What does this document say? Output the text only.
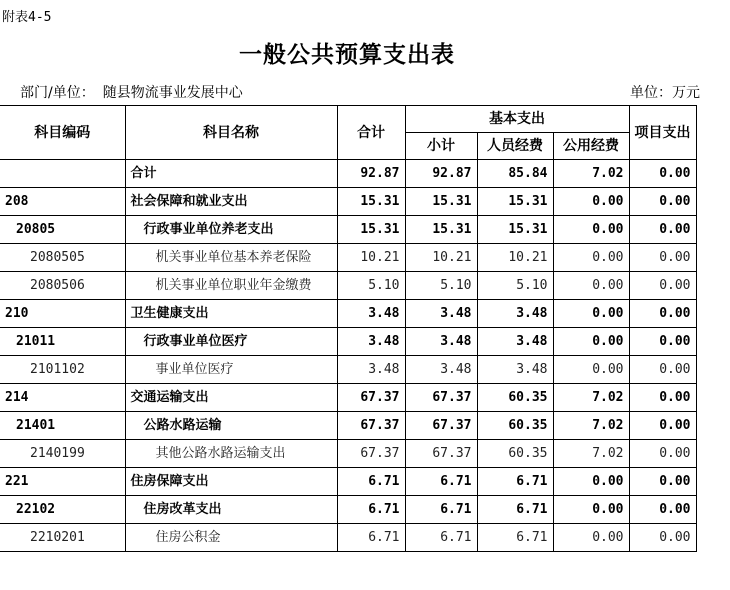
附表4-5
一般公共预算支出表
部门/单位： 随县物流事业发展中心	单位：万元
科目编码	科目名称	合计	基本支出			项目支出
			小计	人员经费	公用经费	
	合计	92.87	92.87	85.84	7.02	0.00
208	社会保障和就业支出	15.31	15.31	15.31	0.00	0.00
20805	行政事业单位养老支出	15.31	15.31	15.31	0.00	0.00
2080505	机关事业单位基本养老保险	10.21	10.21	10.21	0.00	0.00
2080506	机关事业单位职业年金缴费	5.10	5.10	5.10	0.00	0.00
210	卫生健康支出	3.48	3.48	3.48	0.00	0.00
21011	行政事业单位医疗	3.48	3.48	3.48	0.00	0.00
2101102	事业单位医疗	3.48	3.48	3.48	0.00	0.00
214	交通运输支出	67.37	67.37	60.35	7.02	0.00
21401	公路水路运输	67.37	67.37	60.35	7.02	0.00
2140199	其他公路水路运输支出	67.37	67.37	60.35	7.02	0.00
221	住房保障支出	6.71	6.71	6.71	0.00	0.00
22102	住房改革支出	6.71	6.71	6.71	0.00	0.00
2210201	住房公积金	6.71	6.71	6.71	0.00	0.00
